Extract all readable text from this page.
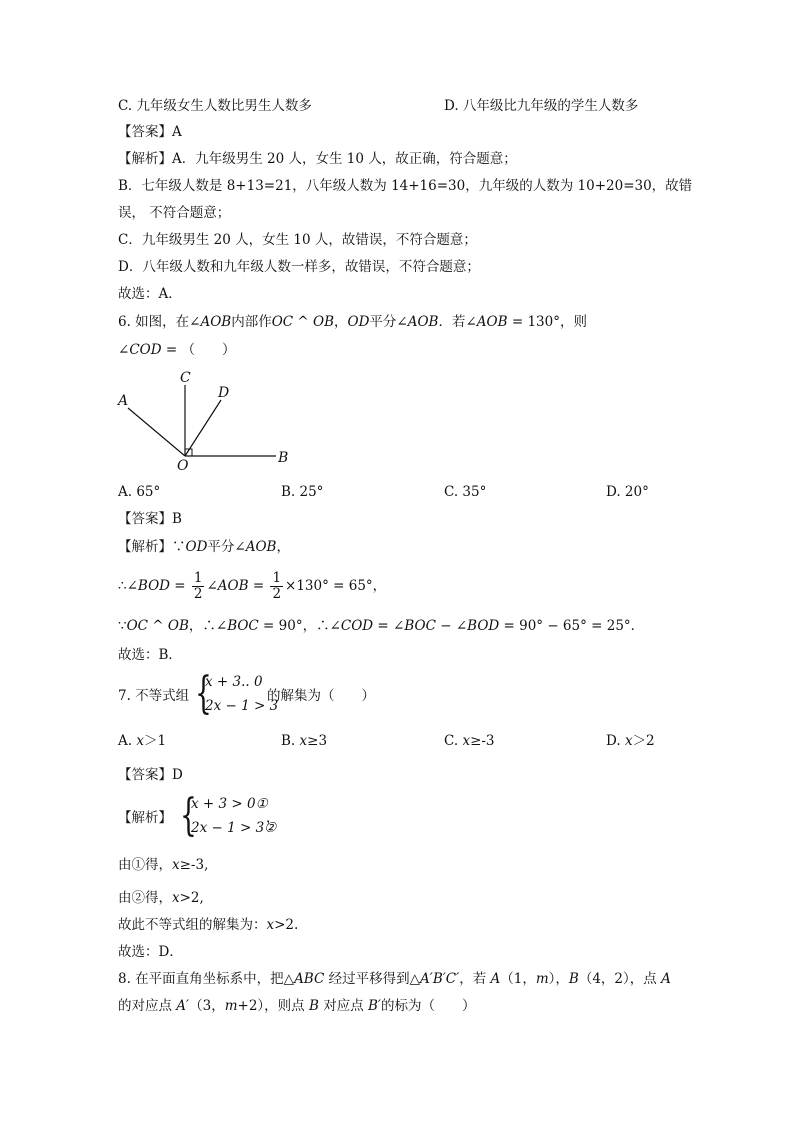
C. 九年级女生人数比男生人数多	D. 八年级比九年级的学生人数多
【答案】A
【解析】A．九年级男生 20 人，女生 10 人，故正确，符合题意；
B．七年级人数是 8+13=21，八年级人数为 14+16=30，九年级的人数为 10+20=30，故错
误， 不符合题意；
C．九年级男生 20 人，女生 10 人，故错误，不符合题意；
D．八年级人数和九年级人数一样多，故错误，不符合题意；
故选：A．
6. 如图，在∠AOB内部作OC ^ OB，OD平分∠AOB．若∠AOB = 130°，则
∠COD = （　　）
A
C
D
O	B
A. 65°	B. 25°	C. 35°	D. 20°
【答案】B
【解析】∵OD平分∠AOB，
∴∠BOD = $\frac{1}{2}$ ∠AOB = $\frac{1}{2} \times 130^\circ = 65^\circ$，
∵OC ^ OB，∴∠BOC = 90°，∴∠COD = ∠BOC − ∠BOD = 90° − 65° = 25°．
故选：B．
7. 不等式组 {
x + 3.. 0
2x − 1 > 3
的解集为（　　）
A. x＞1	B. x≥3	C. x≥-3	D. x＞2
【答案】D
【解析】 {
x + 3 > 0①
2x − 1 > 3②
，
由①得，x≥-3,
由②得，x>2,
故此不等式组的解集为：x>2.
故选：D．
8. 在平面直角坐标系中，把△ABC 经过平移得到△A′B′C′，若 A（1，m），B（4，2），点 A
的对应点 A′（3，m+2），则点 B 对应点 B′的标为（　　）
